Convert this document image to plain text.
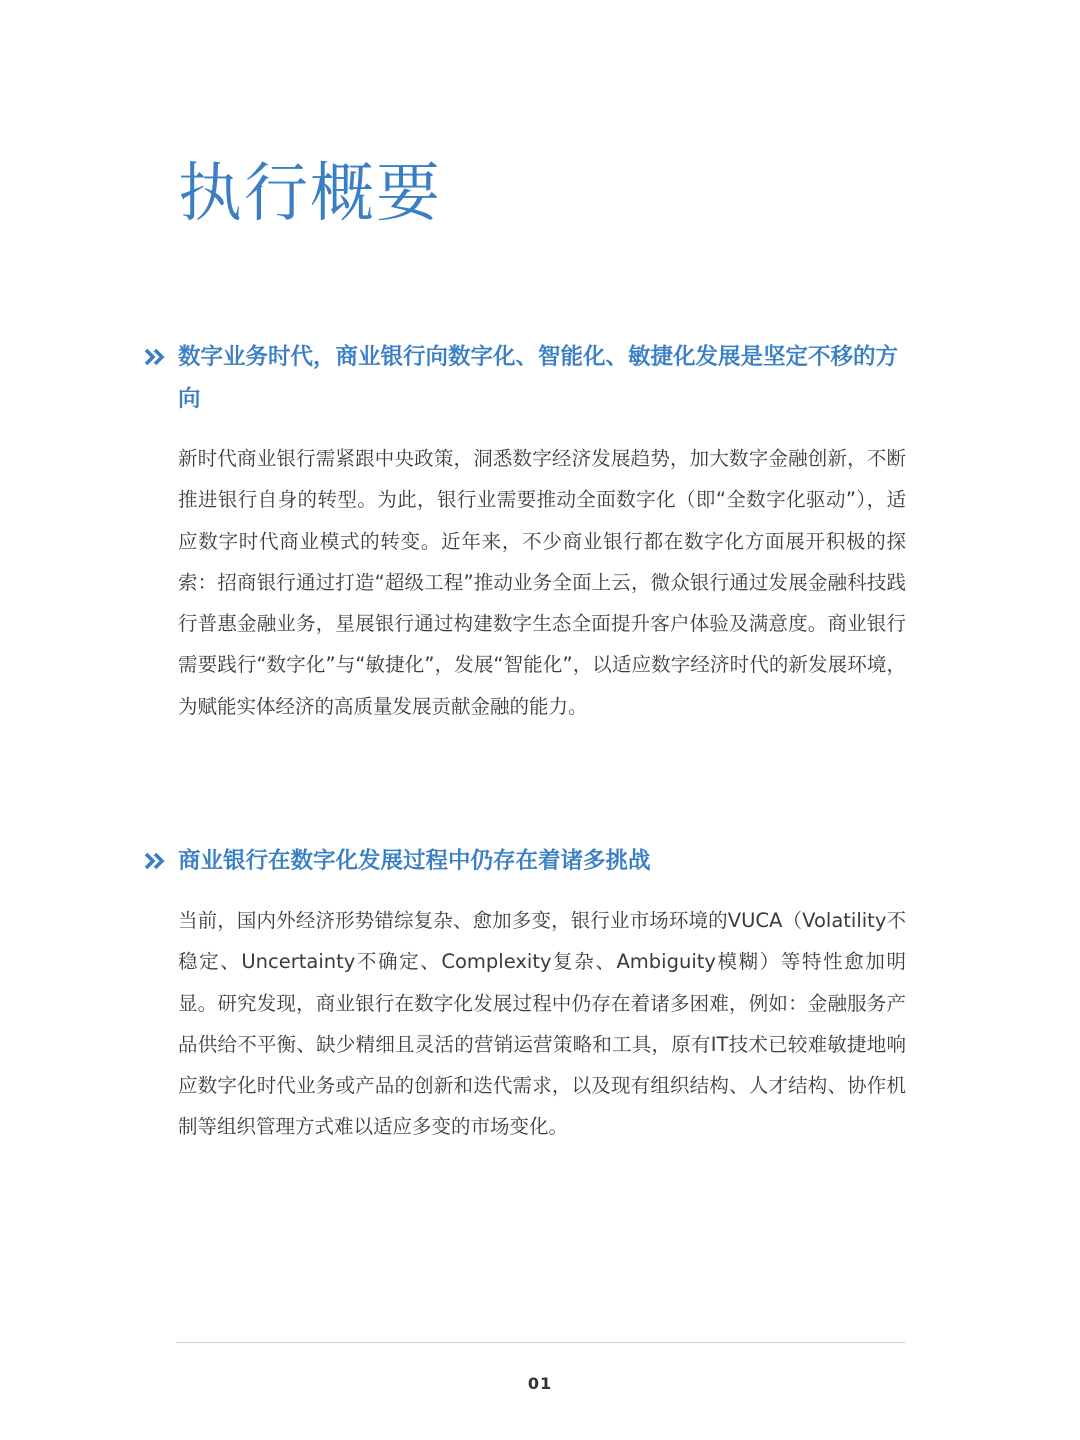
执行概要
数字业务时代，商业银行向数字化、智能化、敏捷化发展是坚定不移的方向

新时代商业银行需紧跟中央政策，洞悉数字经济发展趋势，加大数字金融创新，不断推进银行自身的转型。为此，银行业需要推动全面数字化（即“全数字化驱动”），适应数字时代商业模式的转变。近年来，不少商业银行都在数字化方面展开积极的探索：招商银行通过打造“超级工程”推动业务全面上云，微众银行通过发展金融科技践行普惠金融业务，星展银行通过构建数字生态全面提升客户体验及满意度。商业银行需要践行“数字化”与“敏捷化”，发展“智能化”，以适应数字经济时代的新发展环境，为赋能实体经济的高质量发展贡献金融的能力。

商业银行在数字化发展过程中仍存在着诸多挑战

当前，国内外经济形势错综复杂、愈加多变，银行业市场环境的VUCA（Volatility不稳定、Uncertainty不确定、Complexity复杂、Ambiguity模糊）等特性愈加明显。研究发现，商业银行在数字化发展过程中仍存在着诸多困难，例如：金融服务产品供给不平衡、缺少精细且灵活的营销运营策略和工具，原有IT技术已较难敏捷地响应数字化时代业务或产品的创新和迭代需求，以及现有组织结构、人才结构、协作机制等组织管理方式难以适应多变的市场变化。

01
